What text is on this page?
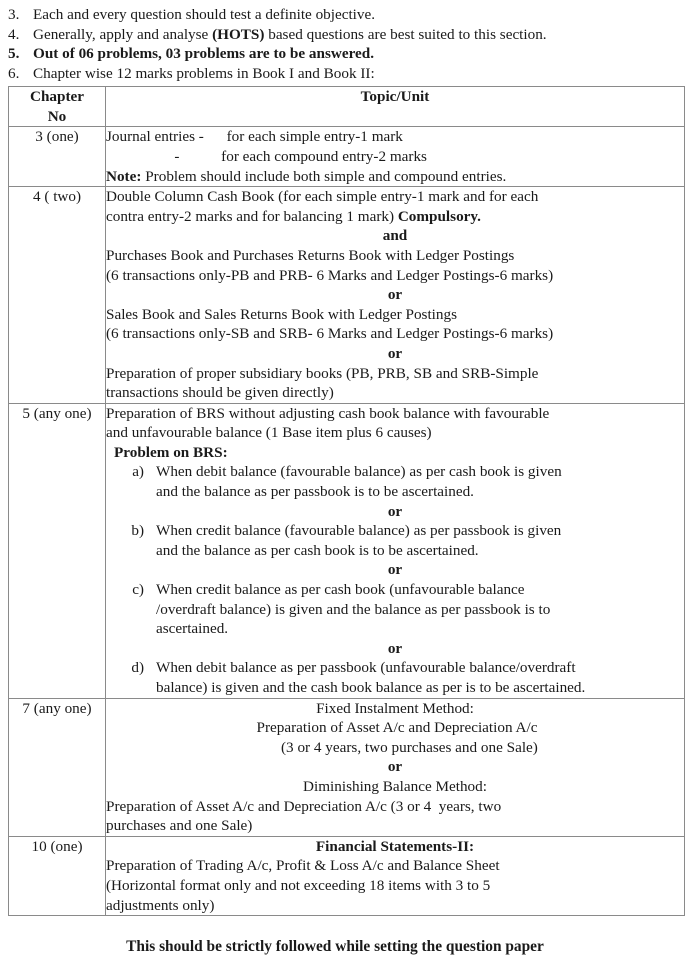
3. Each and every question should test a definite objective.
4. Generally, apply and analyse (HOTS) based questions are best suited to this section.
5. Out of 06 problems, 03 problems are to be answered.
6. Chapter wise 12 marks problems in Book I and Book II:
Chapter
No	Topic/Unit
3 (one)	Journal entries -      for each simple entry-1 mark
-           for each compound entry-2 marks
Note: Problem should include both simple and compound entries.

4 ( two)	Double Column Cash Book (for each simple entry-1 mark and for each
contra entry-2 marks and for balancing 1 mark) Compulsory.
and
Purchases Book and Purchases Returns Book with Ledger Postings
(6 transactions only-PB and PRB- 6 Marks and Ledger Postings-6 marks)
or
Sales Book and Sales Returns Book with Ledger Postings
(6 transactions only-SB and SRB- 6 Marks and Ledger Postings-6 marks)
or
Preparation of proper subsidiary books (PB, PRB, SB and SRB-Simple
transactions should be given directly)

5 (any one)	Preparation of BRS without adjusting cash book balance with favourable
and unfavourable balance (1 Base item plus 6 causes)
Problem on BRS:
a) When debit balance (favourable balance) as per cash book is given
and the balance as per passbook is to be ascertained.
or
b) When credit balance (favourable balance) as per passbook is given
and the balance as per cash book is to be ascertained.
or
c) When credit balance as per cash book (unfavourable balance
/overdraft balance) is given and the balance as per passbook is to
ascertained.
or
d) When debit balance as per passbook (unfavourable balance/overdraft
balance) is given and the cash book balance as per is to be ascertained.

7 (any one)	Fixed Instalment Method:
Preparation of Asset A/c and Depreciation A/c
(3 or 4 years, two purchases and one Sale)
or
Diminishing Balance Method:
Preparation of Asset A/c and Depreciation A/c (3 or 4  years, two
purchases and one Sale)

10 (one)	Financial Statements-II:
Preparation of Trading A/c, Profit & Loss A/c and Balance Sheet
(Horizontal format only and not exceeding 18 items with 3 to 5
adjustments only)
This should be strictly followed while setting the question paper
